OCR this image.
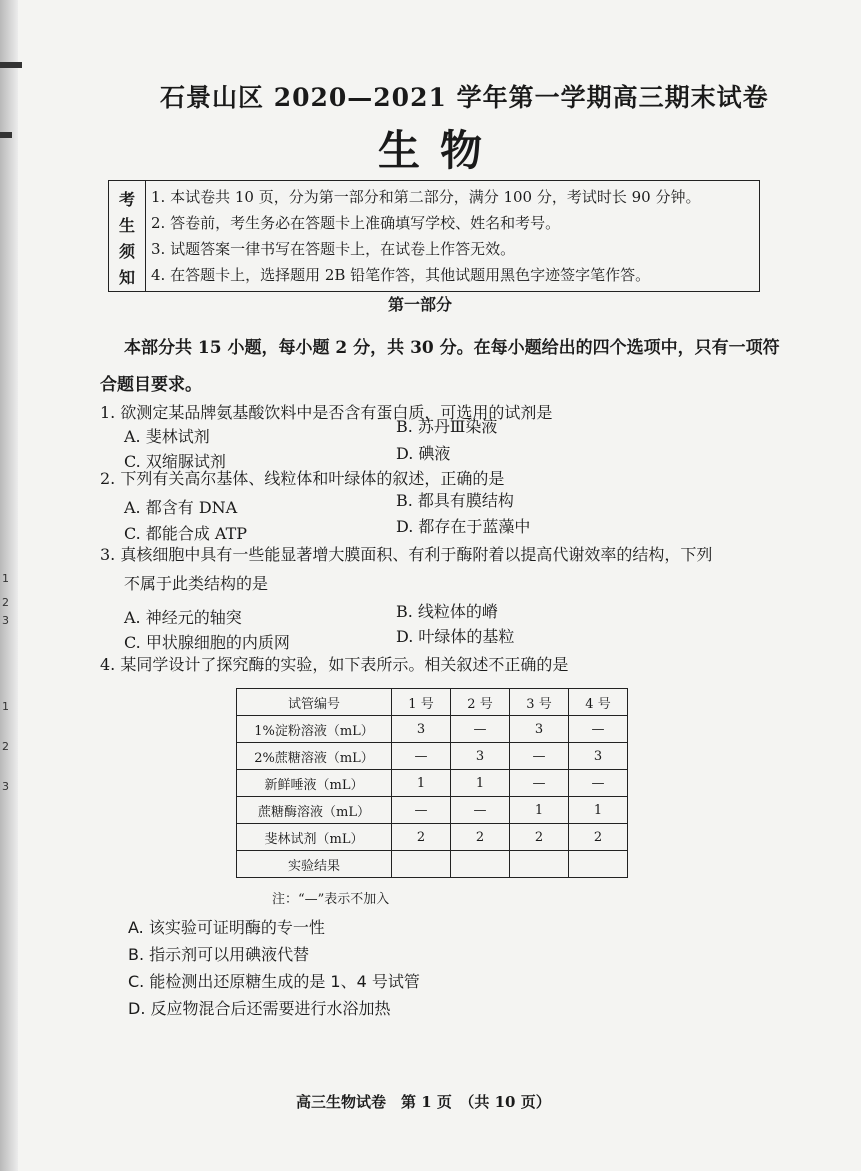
1
2
3
1
2
3
石景山区 2020—2021 学年第一学期高三期末试卷
生物
考
生
须
知
1. 本试卷共 10 页，分为第一部分和第二部分，满分 100 分，考试时长 90 分钟。
2. 答卷前，考生务必在答题卡上准确填写学校、姓名和考号。
3. 试题答案一律书写在答题卡上，在试卷上作答无效。
4. 在答题卡上，选择题用 2B 铅笔作答，其他试题用黑色字迹签字笔作答。
第一部分
本部分共 15 小题，每小题 2 分，共 30 分。在每小题给出的四个选项中，只有一项符
合题目要求。
1. 欲测定某品牌氨基酸饮料中是否含有蛋白质，可选用的试剂是
A. 斐林试剂
B. 苏丹Ⅲ染液
C. 双缩脲试剂	D. 碘液
2. 下列有关高尔基体、线粒体和叶绿体的叙述，正确的是
A. 都含有 DNA	B. 都具有膜结构
C. 都能合成 ATP	D. 都存在于蓝藻中
3. 真核细胞中具有一些能显著增大膜面积、有利于酶附着以提高代谢效率的结构，下列
不属于此类结构的是
A. 神经元的轴突	B. 线粒体的嵴
C. 甲状腺细胞的内质网	D. 叶绿体的基粒
4. 某同学设计了探究酶的实验，如下表所示。相关叙述不正确的是
试管编号	1 号	2 号	3 号	4 号
1%淀粉溶液（mL）	3	—	3	—
2%蔗糖溶液（mL）	—	3	—	3
新鲜唾液（mL）	1	1	—	—
蔗糖酶溶液（mL）	—	—	1	1
斐林试剂（mL）	2	2	2	2
实验结果				
注：“—”表示不加入
A. 该实验可证明酶的专一性
B. 指示剂可以用碘液代替
C. 能检测出还原糖生成的是 1、4 号试管
D. 反应物混合后还需要进行水浴加热
高三生物试卷　第 1 页　（共 10 页）
